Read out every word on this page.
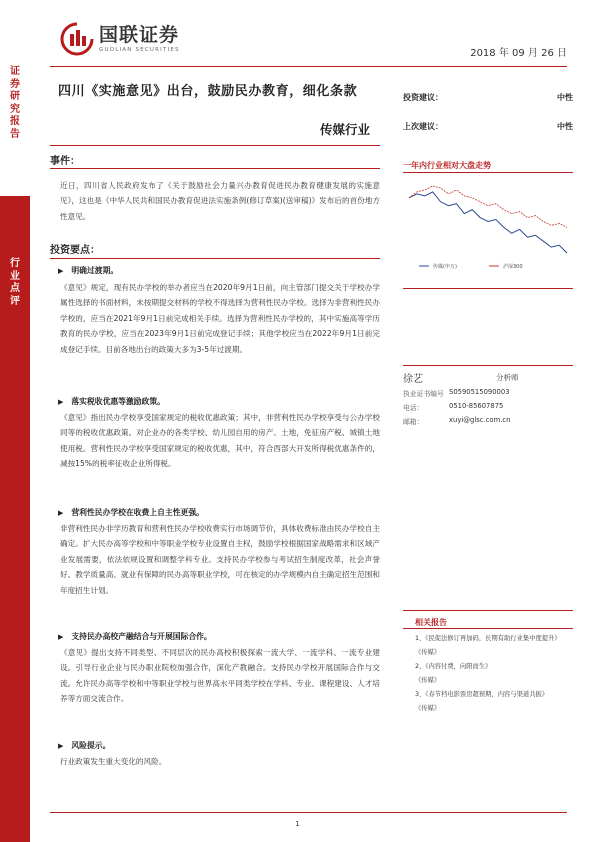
国联证券
GUOLIAN SECURITIES	2018 年 09 月 26 日
证券研究报告
行业点评
四川《实施意见》出台，鼓励民办教育，细化条款
传媒行业
投资建议：	中性
上次建议：	中性
事件：
近日，四川省人民政府发布了《关于鼓励社会力量兴办教育促进民办教育健康发展的实施意见》，这也是《中华人民共和国民办教育促进法实施条例(修订草案)(送审稿)》发布后的首份地方性意见。
投资要点：
▶ 明确过渡期。
《意见》规定，现有民办学校的举办者应当在2020年9月1日前，向主管部门提交关于学校办学属性选择的书面材料，未按期提交材料的学校不得选择为营利性民办学校。选择为非营利性民办学校的，应当在2021年9月1日前完成相关手续。选择为营利性民办学校的，其中实施高等学历教育的民办学校，应当在2023年9月1日前完成登记手续；其他学校应当在2022年9月1日前完成登记手续。目前各地出台的政策大多为3-5年过渡期。
▶ 落实税收优惠等激励政策。
《意见》指出民办学校享受国家规定的税收优惠政策；其中，非营利性民办学校享受与公办学校同等的税收优惠政策。对企业办的各类学校、幼儿园自用的房产、土地，免征房产税、城镇土地使用税。营利性民办学校享受国家规定的税收优惠，其中，符合西部大开发所得税优惠条件的，减按15%的税率征收企业所得税。
▶ 营利性民办学校在收费上自主性更强。
非营利性民办非学历教育和营利性民办学校收费实行市场调节价，具体收费标准由民办学校自主确定。扩大民办高等学校和中等职业学校专业设置自主权，鼓励学校根据国家战略需求和区域产业发展需要，依法依规设置和调整学科专业。支持民办学校参与考试招生制度改革，社会声誉好、教学质量高、就业有保障的民办高等职业学校，可在核定的办学规模内自主确定招生范围和年度招生计划。
▶ 支持民办高校产融结合与开展国际合作。
《意见》提出支持不同类型、不同层次的民办高校积极探索一流大学、一流学科、一流专业建设。引导行业企业与民办职业院校加强合作，深化产教融合。支持民办学校开展国际合作与交流。允许民办高等学校和中等职业学校与世界高水平同类学校在学科、专业、课程建设、人才培养等方面交流合作。
▶ 风险提示。
行业政策发生重大变化的风险。
一年内行业相对大盘走势
传媒(申万)	沪深300
徐艺	分析师
执业证书编号 S0590515090003
电话：	0510-85607875
邮箱：	xuyi@glsc.com.cn
相关报告
1、《民促法修订再加码，长期有助行业集中度提升》
《传媒》
2、《内容付费，向阳而生》
《传媒》
3、《春节档电影票房超预期，内容与渠道共振》
《传媒》
1
